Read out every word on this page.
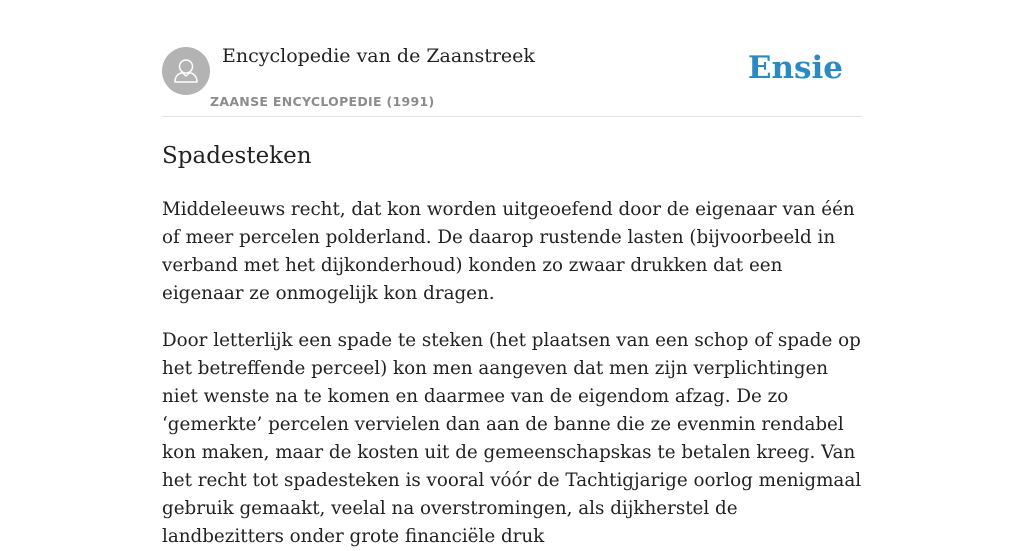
Encyclopedie van de Zaanstreek
ZAANSE ENCYCLOPEDIE (1991)
Ensie
Spadesteken

Middeleeuws recht, dat kon worden uitgeoefend door de eigenaar van één of meer percelen polderland. De daarop rustende lasten (bijvoorbeeld in verband met het dijkonderhoud) konden zo zwaar drukken dat een eigenaar ze onmogelijk kon dragen.

Door letterlijk een spade te steken (het plaatsen van een schop of spade op het betreffende perceel) kon men aangeven dat men zijn verplichtingen niet wenste na te komen en daarmee van de eigendom afzag. De zo ‘gemerkte’ percelen vervielen dan aan de banne die ze evenmin rendabel kon maken, maar de kosten uit de gemeenschapskas te betalen kreeg. Van het recht tot spadesteken is vooral vóór de Tachtigjarige oorlog menigmaal gebruik gemaakt, veelal na overstromingen, als dijkherstel de landbezitters onder grote financiële druk
